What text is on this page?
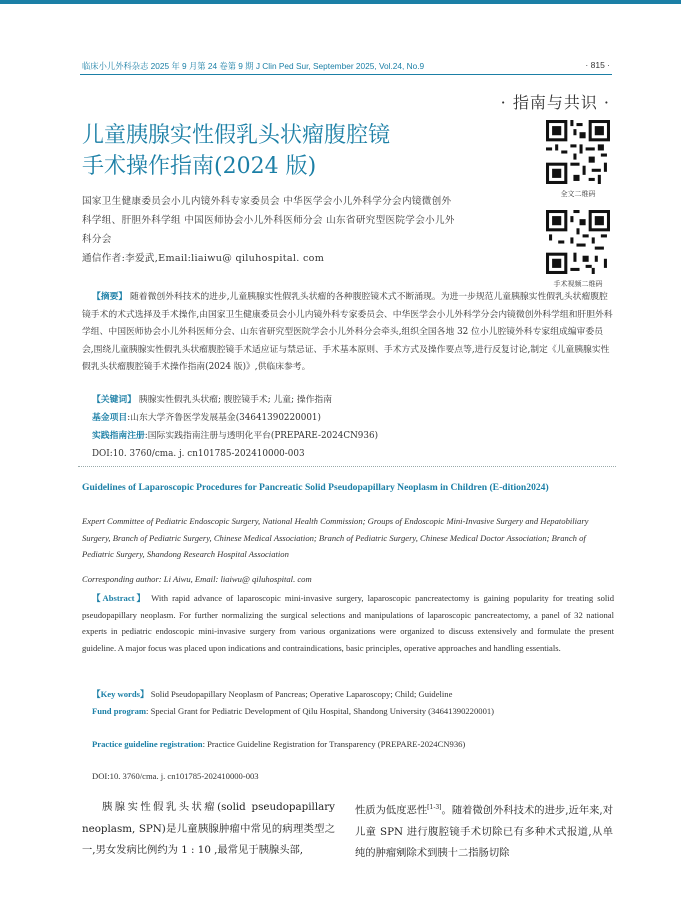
临床小儿外科杂志 2025 年 9 月第 24 卷第 9 期 J Clin Ped Sur, September 2025, Vol.24, No.9	· 815 ·
· 指南与共识 ·
儿童胰腺实性假乳头状瘤腹腔镜
手术操作指南(2024 版)
全文二维码
手术视频二维码
国家卫生健康委员会小儿内镜外科专家委员会 中华医学会小儿外科学分会内镜微创外
科学组、肝胆外科学组 中国医师协会小儿外科医师分会 山东省研究型医院学会小儿外
科分会
通信作者:李爱武,Email:liaiwu@ qiluhospital. com
【摘要】 随着微创外科技术的进步,儿童胰腺实性假乳头状瘤的各种腹腔镜术式不断涌现。为进一步规范儿童胰腺实性假乳头状瘤腹腔镜手术的术式选择及手术操作,由国家卫生健康委员会小儿内镜外科专家委员会、中华医学会小儿外科学分会内镜微创外科学组和肝胆外科学组、中国医师协会小儿外科医师分会、山东省研究型医院学会小儿外科分会牵头,组织全国各地 32 位小儿腔镜外科专家组成编审委员会,围绕儿童胰腺实性假乳头状瘤腹腔镜手术适应证与禁忌证、手术基本原则、手术方式及操作要点等,进行反复讨论,制定《儿童胰腺实性假乳头状瘤腹腔镜手术操作指南(2024 版)》,供临床参考。
【关键词】 胰腺实性假乳头状瘤; 腹腔镜手术; 儿童; 操作指南
基金项目:山东大学齐鲁医学发展基金(34641390220001)
实践指南注册:国际实践指南注册与透明化平台(PREPARE-2024CN936)
DOI:10. 3760/cma. j. cn101785-202410000-003
Guidelines of Laparoscopic Procedures for Pancreatic Solid Pseudopapillary Neoplasm in Children (E-dition2024)
Expert Committee of Pediatric Endoscopic Surgery, National Health Commission; Groups of Endoscopic Mini-Invasive Surgery and Hepatobiliary Surgery, Branch of Pediatric Surgery, Chinese Medical Association; Branch of Pediatric Surgery, Chinese Medical Doctor Association; Branch of Pediatric Surgery, Shandong Research Hospital Association
Corresponding author: Li Aiwu, Email: liaiwu@ qiluhospital. com
【Abstract】 With rapid advance of laparoscopic mini-invasive surgery, laparoscopic pancreatectomy is gaining popularity for treating solid pseudopapillary neoplasm. For further normalizing the surgical selections and manipulations of laparoscopic pancreatectomy, a panel of 32 national experts in pediatric endoscopic mini-invasive surgery from various organizations were organized to discuss extensively and formulate the present guideline. A major focus was placed upon indications and contraindications, basic principles, operative approaches and handling essentials.
【Key words】 Solid Pseudopapillary Neoplasm of Pancreas; Operative Laparoscopy; Child; Guideline
Fund program: Special Grant for Pediatric Development of Qilu Hospital, Shandong University (34641390220001)
Practice guideline registration: Practice Guideline Registration for Transparency (PREPARE-2024CN936)
DOI:10. 3760/cma. j. cn101785-202410000-003
胰腺实性假乳头状瘤(solid pseudopapillary neoplasm, SPN)是儿童胰腺肿瘤中常见的病理类型之一,男女发病比例约为 1 : 10 ,最常见于胰腺头部,
性质为低度恶性[1-3]。随着微创外科技术的进步,近年来,对儿童 SPN 进行腹腔镜手术切除已有多种术式报道,从单纯的肿瘤剜除术到胰十二指肠切除
